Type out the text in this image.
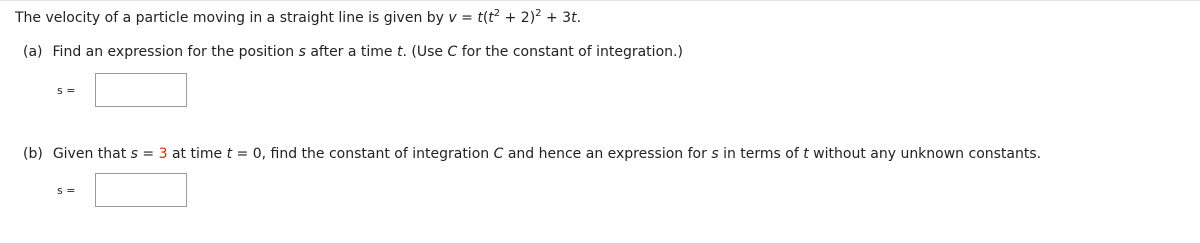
The velocity of a particle moving in a straight line is given by $v = t(t^2 + 2)^2 + 3t$.
(a) Find an expression for the position s after a time t. (Use C for the constant of integration.)
s =
(b) Given that s = 3 at time t = 0, find the constant of integration C and hence an expression for s in terms of t without any unknown constants.
s =
